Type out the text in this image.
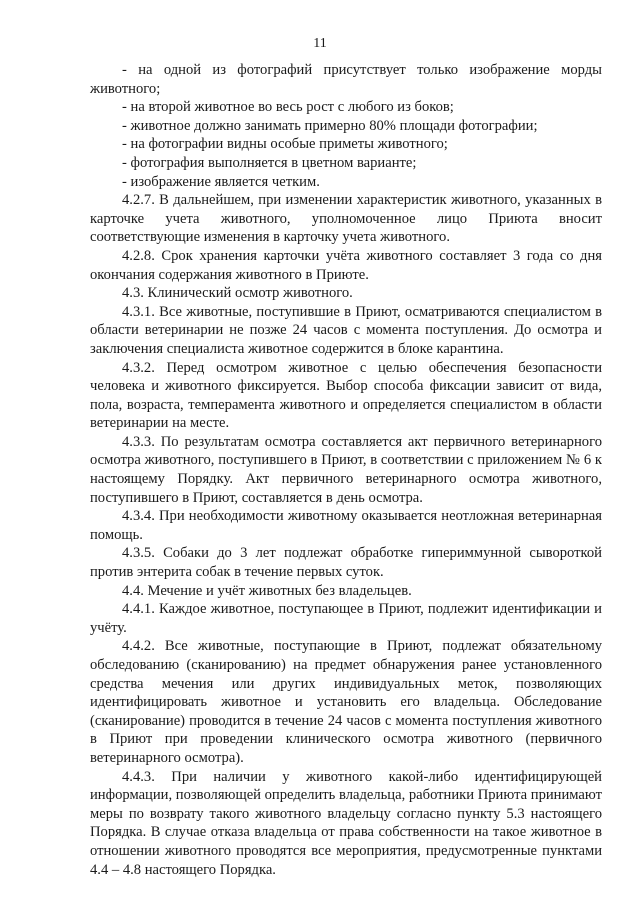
11

- на одной из фотографий присутствует только изображение морды животного;

- на второй животное во весь рост с любого из боков;

- животное должно занимать примерно 80% площади фотографии;

- на фотографии видны особые приметы животного;

- фотография выполняется в цветном варианте;

- изображение является четким.

4.2.7. В дальнейшем, при изменении характеристик животного, указанных в карточке учета животного, уполномоченное лицо Приюта вносит соответствующие изменения в карточку учета животного.

4.2.8. Срок хранения карточки учёта животного составляет 3 года со дня окончания содержания животного в Приюте.

4.3. Клинический осмотр животного.

4.3.1. Все животные, поступившие в Приют, осматриваются специалистом в области ветеринарии не позже 24 часов с момента поступления. До осмотра и заключения специалиста животное содержится в блоке карантина.

4.3.2. Перед осмотром животное с целью обеспечения безопасности человека и животного фиксируется. Выбор способа фиксации зависит от вида, пола, возраста, темперамента животного и определяется специалистом в области ветеринарии на месте.

4.3.3. По результатам осмотра составляется акт первичного ветеринарного осмотра животного, поступившего в Приют, в соответствии с приложением № 6 к настоящему Порядку. Акт первичного ветеринарного осмотра животного, поступившего в Приют, составляется в день осмотра.

4.3.4. При необходимости животному оказывается неотложная ветеринарная помощь.

4.3.5. Собаки до 3 лет подлежат обработке гипериммунной сывороткой против энтерита собак в течение первых суток.

4.4. Мечение и учёт животных без владельцев.

4.4.1. Каждое животное, поступающее в Приют, подлежит идентификации и учёту.

4.4.2. Все животные, поступающие в Приют, подлежат обязательному обследованию (сканированию) на предмет обнаружения ранее установленного средства мечения или других индивидуальных меток, позволяющих идентифицировать животное и установить его владельца. Обследование (сканирование) проводится в течение 24 часов с момента поступления животного в Приют при проведении клинического осмотра животного (первичного ветеринарного осмотра).

4.4.3. При наличии у животного какой-либо идентифицирующей информации, позволяющей определить владельца, работники Приюта принимают меры по возврату такого животного владельцу согласно пункту 5.3 настоящего Порядка. В случае отказа владельца от права собственности на такое животное в отношении животного проводятся все мероприятия, предусмотренные пунктами 4.4 – 4.8 настоящего Порядка.
